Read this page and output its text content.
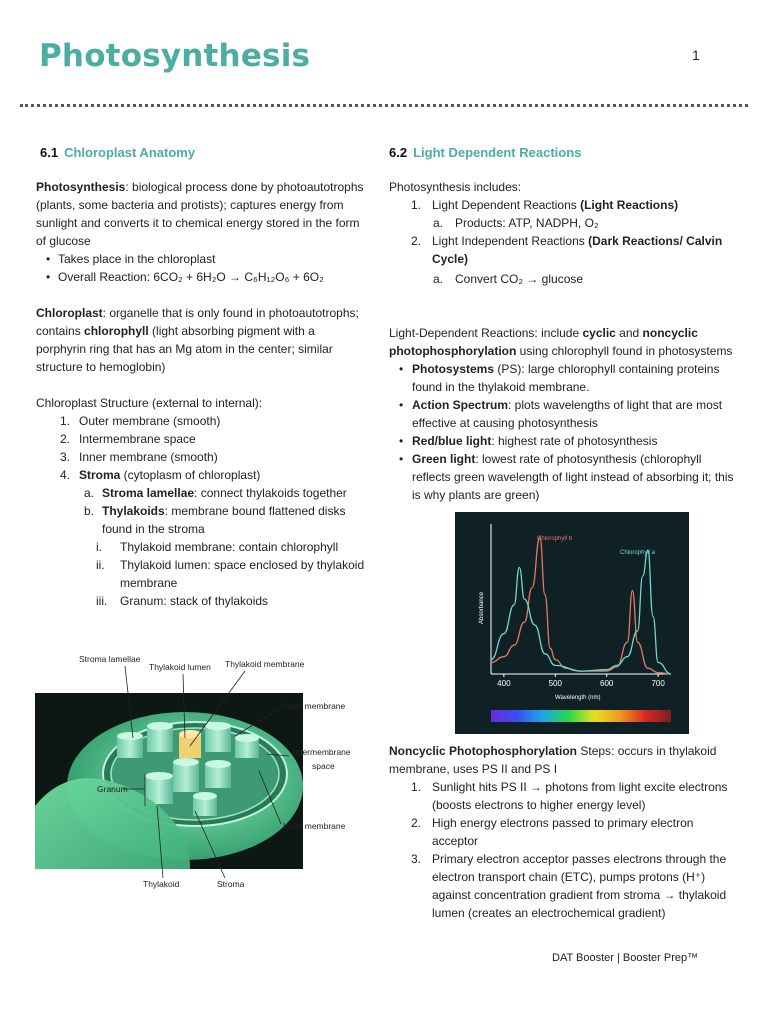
Photosynthesis	1
6.1 Chloroplast Anatomy

Photosynthesis: biological process done by photoautotrophs (plants, some bacteria and protists); captures energy from sunlight and converts it to chemical energy stored in the form of glucose

• Takes place in the chloroplast
• Overall Reaction: 6CO₂ + 6H₂O → C₆H₁₂O₆ + 6O₂

Chloroplast: organelle that is only found in photoautotrophs; contains chlorophyll (light absorbing pigment with a porphyrin ring that has an Mg atom in the center; similar structure to hemoglobin)

Chloroplast Structure (external to internal):

1. Outer membrane (smooth)
2. Intermembrane space
3. Inner membrane (smooth)
4. Stroma (cytoplasm of chloroplast)
a. Stroma lamellae: connect thylakoids together
b. Thylakoids: membrane bound flattened disks found in the stroma
i. Thylakoid membrane: contain chlorophyll
ii. Thylakoid lumen: space enclosed by thylakoid membrane
iii. Granum: stack of thylakoids
Stroma lamellae
Thylakoid lumen Thylakoid membrane
Outer membrane
Intermembrane
space
Granum
Inner membrane
Thylakoid	Stroma
6.2 Light Dependent Reactions

Photosynthesis includes:

1. Light Dependent Reactions (Light Reactions)
a. Products: ATP, NADPH, O₂
2. Light Independent Reactions (Dark Reactions/ Calvin Cycle)
a. Convert CO₂ → glucose

Light-Dependent Reactions: include cyclic and noncyclic photophosphorylation using chlorophyll found in photosystems

• Photosystems (PS): large chlorophyll containing proteins found in the thylakoid membrane.
• Action Spectrum: plots wavelengths of light that are most effective at causing photosynthesis
• Red/blue light: highest rate of photosynthesis
• Green light: lowest rate of photosynthesis (chlorophyll reflects green wavelength of light instead of absorbing it; this is why plants are green)
400	500	600	700
Chlorophyll b
Chlorophyll a
Absorbance
Wavelength (nm)

Noncyclic Photophosphorylation Steps: occurs in thylakoid membrane, uses PS II and PS I

1. Sunlight hits PS II → photons from light excite electrons (boosts electrons to higher energy level)
2. High energy electrons passed to primary electron acceptor
3. Primary electron acceptor passes electrons through the electron transport chain (ETC), pumps protons (H⁺) against concentration gradient from stroma → thylakoid lumen (creates an electrochemical gradient)
DAT Booster | Booster Prep™
